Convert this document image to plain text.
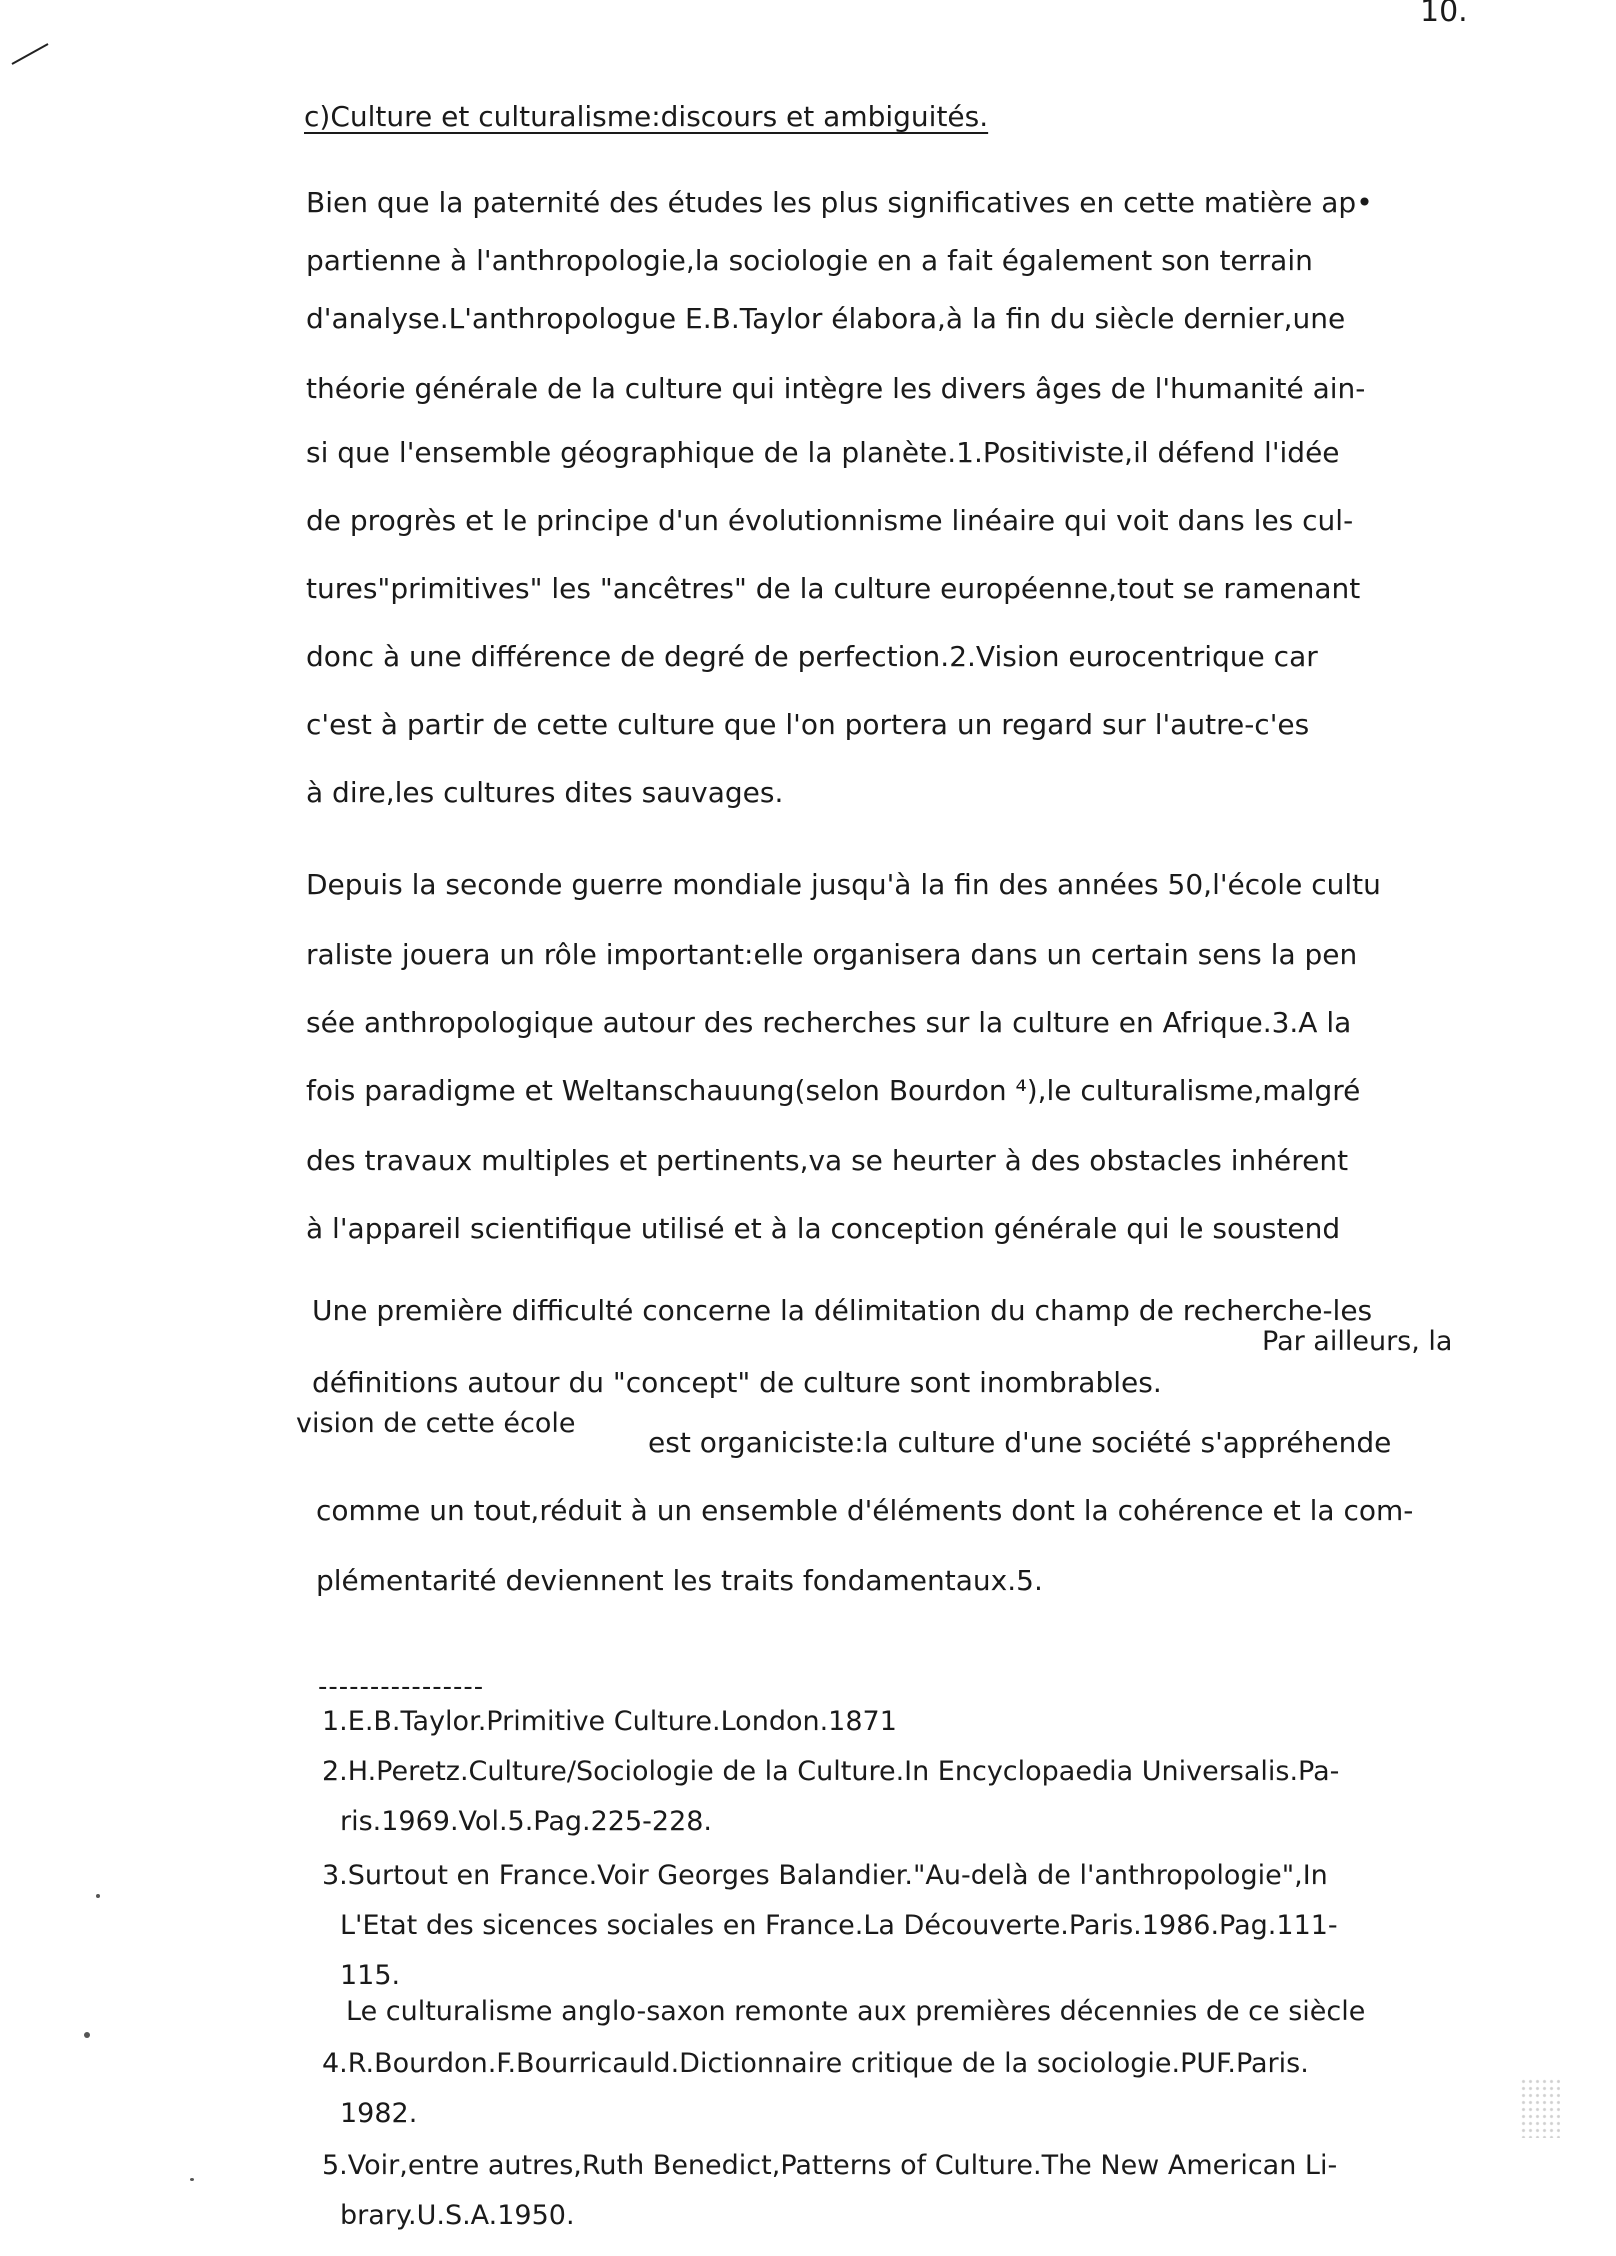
10.
c)Culture et culturalisme:discours et ambiguités.
Bien que la paternité des études les plus significatives en cette matière ap•
partienne à l'anthropologie,la sociologie en a fait également son terrain
d'analyse.L'anthropologue E.B.Taylor élabora,à la fin du siècle dernier,une
théorie générale de la culture qui intègre les divers âges de l'humanité ain-
si que l'ensemble géographique de la planète.1.Positiviste,il défend l'idée
de progrès et le principe d'un évolutionnisme linéaire qui voit dans les cul-
tures"primitives" les "ancêtres" de la culture européenne,tout se ramenant
donc à une différence de degré de perfection.2.Vision eurocentrique car
c'est à partir de cette culture que l'on portera un regard sur l'autre-c'es
à dire,les cultures dites sauvages.
Depuis la seconde guerre mondiale jusqu'à la fin des années 50,l'école cultu
raliste jouera un rôle important:elle organisera dans un certain sens la pen
sée anthropologique autour des recherches sur la culture en Afrique.3.A la
fois paradigme et Weltanschauung(selon Bourdon ⁴),le culturalisme,malgré
des travaux multiples et pertinents,va se heurter à des obstacles inhérent
à l'appareil scientifique utilisé et à la conception générale qui le soustend
Une première difficulté concerne la délimitation du champ de recherche-les
Par ailleurs, la
définitions autour du "concept" de culture sont inombrables.
vision de cette école
est organiciste:la culture d'une société s'appréhende
comme un tout,réduit à un ensemble d'éléments dont la cohérence et la com-
plémentarité deviennent les traits fondamentaux.5.
----------------
1.E.B.Taylor.Primitive Culture.London.1871
2.H.Peretz.Culture/Sociologie de la Culture.In Encyclopaedia Universalis.Pa-
ris.1969.Vol.5.Pag.225-228.
3.Surtout en France.Voir Georges Balandier."Au-delà de l'anthropologie",In
L'Etat des sicences sociales en France.La Découverte.Paris.1986.Pag.111-
115.
Le culturalisme anglo-saxon remonte aux premières décennies de ce siècle
4.R.Bourdon.F.Bourricauld.Dictionnaire critique de la sociologie.PUF.Paris.
1982.
5.Voir,entre autres,Ruth Benedict,Patterns of Culture.The New American Li-
brary.U.S.A.1950.
